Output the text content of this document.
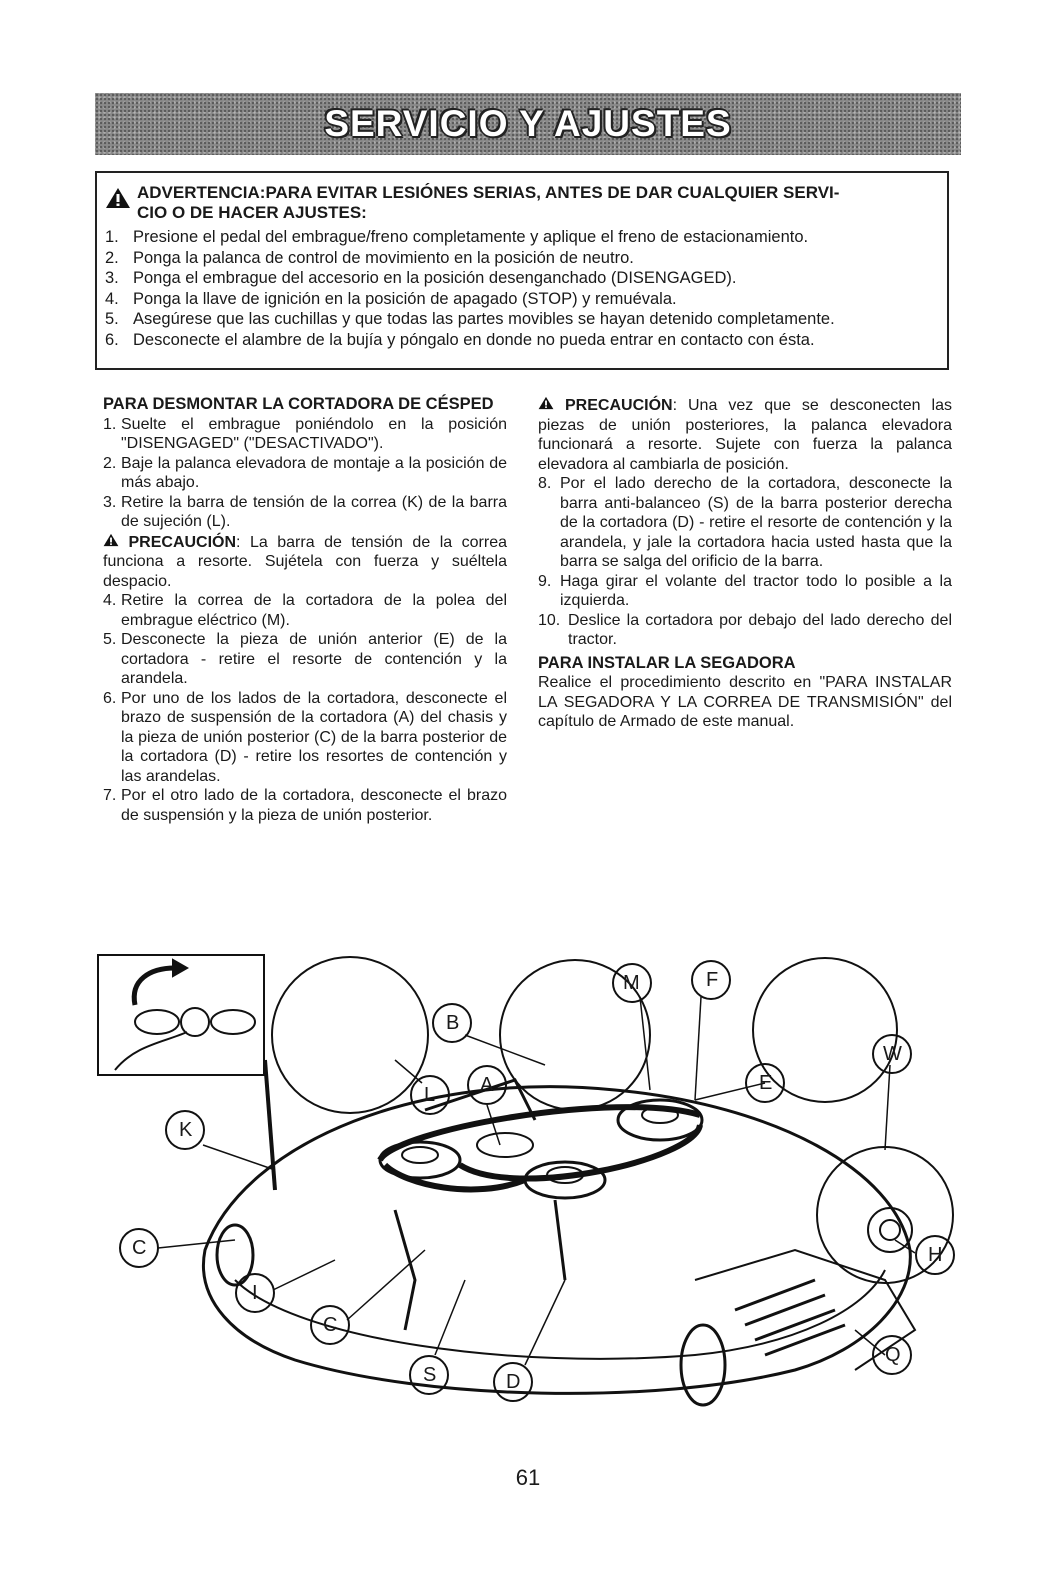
SERVICIO Y AJUSTES
ADVERTENCIA:PARA EVITAR LESIÓNES SERIAS, ANTES DE DAR CUALQUIER SERVI-
CIO O DE HACER AJUSTES:
1. Presione el pedal del embrague/freno completamente y aplique el freno de estacionamiento.
2. Ponga la palanca de control de movimiento en la posición de neutro.
3. Ponga el embrague del accesorio en la posición desenganchado (DISENGAGED).
4. Ponga la llave de ignición en la posición de apagado (STOP) y remuévala.
5. Asegúrese que las cuchillas y que todas las partes movibles se hayan detenido completamente.
6. Desconecte el alambre de la bujía y póngalo en donde no pueda entrar en contacto con ésta.
PARA DESMONTAR LA CORTADORA DE CÉSPED
1. Suelte el embrague poniéndolo en la posición "DISENGAGED" ("DESACTIVADO").
2. Baje la palanca elevadora de montaje a la posición de más abajo.
3. Retire la barra de tensión de la correa (K) de la barra de sujeción (L).
PRECAUCIÓN: La barra de tensión de la correa funciona a resorte. Sujétela con fuerza y suéltela despacio.
4. Retire la correa de la cortadora de la polea del embrague eléctrico (M).
5. Desconecte la pieza de unión anterior (E) de la cortadora - retire el resorte de contención y la arandela.
6. Por uno de los lados de la cortadora, desconecte el brazo de suspensión de la cortadora (A) del chasis y la pieza de unión posterior (C) de la barra posterior de la cortadora (D) - retire los resortes de contención y las arandelas.
7. Por el otro lado de la cortadora, desconecte el brazo de suspensión y la pieza de unión posterior.
PRECAUCIÓN: Una vez que se desconecten las piezas de unión posteriores, la palanca elevadora funcionará a resorte. Sujete con fuerza la palanca elevadora al cambiarla de posición.
8. Por el lado derecho de la cortadora, desconecte la barra anti-balanceo (S) de la barra posterior derecha de la cortadora (D) - retire el resorte de contención y la arandela, y jale la cortadora hacia usted hasta que la barra se salga del orificio de la barra.
9. Haga girar el volante del tractor todo lo posible a la izquierda.
10. Deslice la cortadora por debajo del lado derecho del tractor.
PARA INSTALAR LA SEGADORA
Realice el procedimiento descrito en "PARA INSTALAR LA SEGADORA Y LA CORREA DE TRANSMISIÓN" del capítulo de Armado de este manual.
B
L A
M	F
W
K
E
C	H
I
C
S	D
Q
61
